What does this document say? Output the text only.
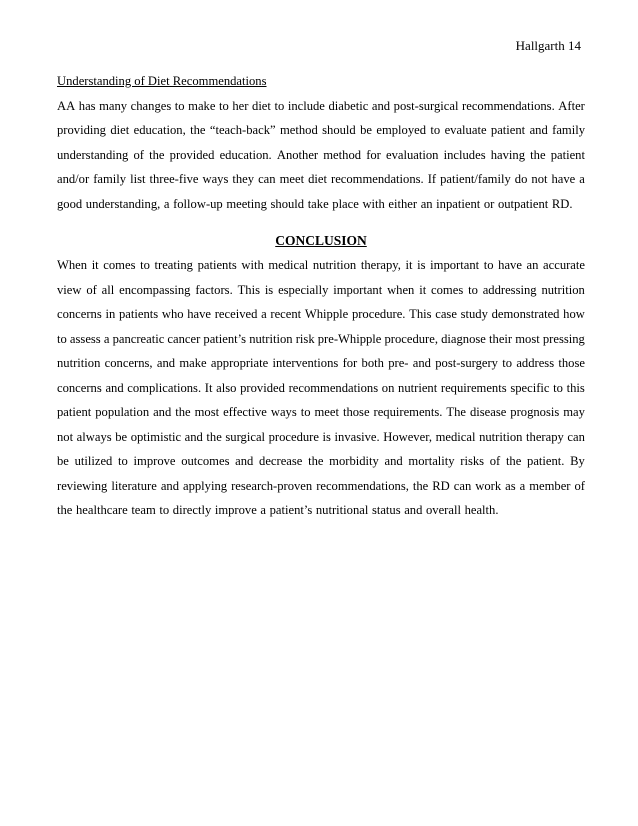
Hallgarth 14
Understanding of Diet Recommendations
AA has many changes to make to her diet to include diabetic and post-surgical recommendations. After
providing diet education, the “teach-back” method should be employed to evaluate patient and family
understanding of the provided education. Another method for evaluation includes having the patient
and/or family list three-five ways they can meet diet recommendations. If patient/family do not have a
good understanding, a follow-up meeting should take place with either an inpatient or outpatient RD.
CONCLUSION
When it comes to treating patients with medical nutrition therapy, it is important to have an accurate
view of all encompassing factors. This is especially important when it comes to addressing nutrition
concerns in patients who have received a recent Whipple procedure. This case study demonstrated how
to assess a pancreatic cancer patient’s nutrition risk pre-Whipple procedure, diagnose their most pressing
nutrition concerns, and make appropriate interventions for both pre- and post-surgery to address those
concerns and complications. It also provided recommendations on nutrient requirements specific to this
patient population and the most effective ways to meet those requirements. The disease prognosis may
not always be optimistic and the surgical procedure is invasive. However, medical nutrition therapy can
be utilized to improve outcomes and decrease the morbidity and mortality risks of the patient. By
reviewing literature and applying research-proven recommendations, the RD can work as a member of
the healthcare team to directly improve a patient’s nutritional status and overall health.
